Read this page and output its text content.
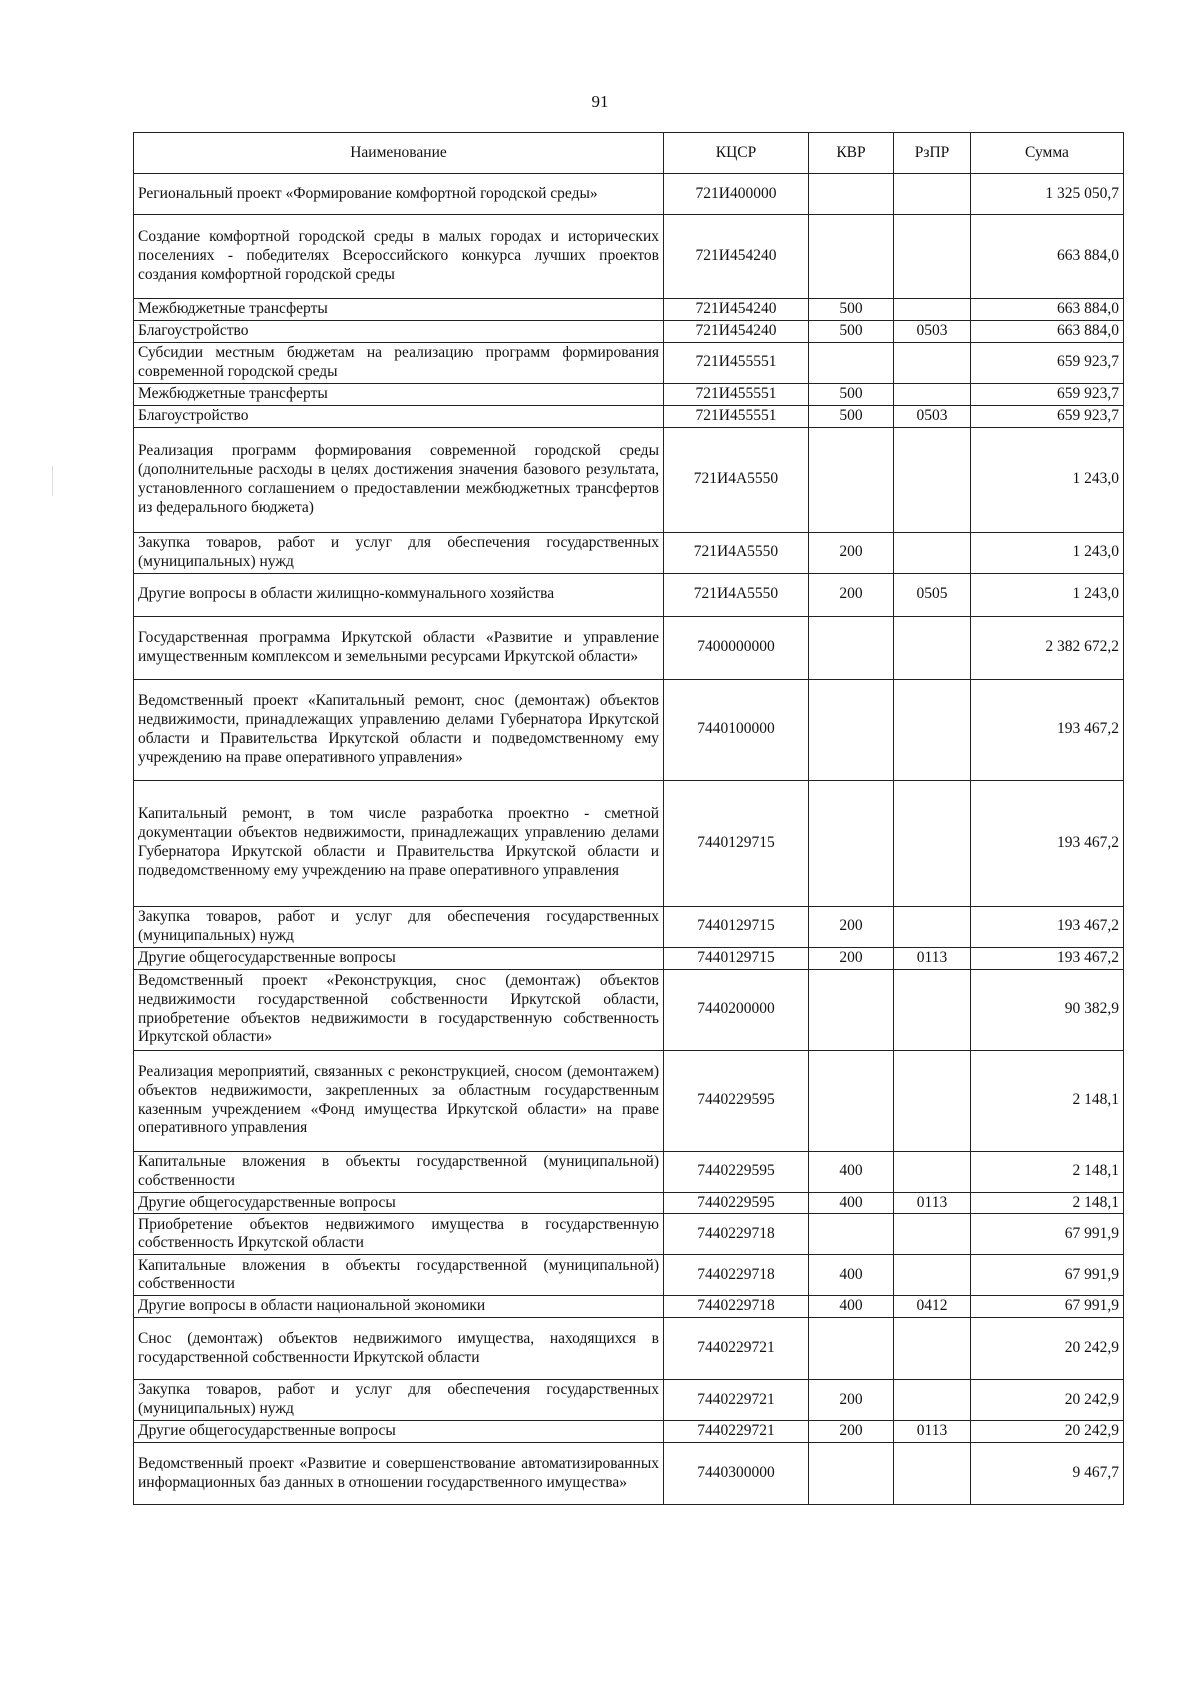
91
Наименование	КЦСР	КВР	РзПР	Сумма
Региональный проект «Формирование комфортной городской среды»	721И400000			1 325 050,7
Создание комфортной городской среды в малых городах и исторических поселениях - победителях Всероссийского конкурса лучших проектов создания комфортной городской среды	721И454240			663 884,0
Межбюджетные трансферты	721И454240	500		663 884,0
Благоустройство	721И454240	500	0503	663 884,0
Субсидии местным бюджетам на реализацию программ формирования современной городской среды	721И455551			659 923,7
Межбюджетные трансферты	721И455551	500		659 923,7
Благоустройство	721И455551	500	0503	659 923,7
Реализация программ формирования современной городской среды (дополнительные расходы в целях достижения значения базового результата, установленного соглашением о предоставлении межбюджетных трансфертов из федерального бюджета)	721И4А5550			1 243,0
Закупка товаров, работ и услуг для обеспечения государственных (муниципальных) нужд	721И4А5550	200		1 243,0
Другие вопросы в области жилищно-коммунального хозяйства	721И4А5550	200	0505	1 243,0
Государственная программа Иркутской области «Развитие и управление имущественным комплексом и земельными ресурсами Иркутской области»	7400000000			2 382 672,2
Ведомственный проект «Капитальный ремонт, снос (демонтаж) объектов недвижимости, принадлежащих управлению делами Губернатора Иркутской области и Правительства Иркутской области и подведомственному ему учреждению на праве оперативного управления»	7440100000			193 467,2
Капитальный ремонт, в том числе разработка проектно - сметной документации объектов недвижимости, принадлежащих управлению делами Губернатора Иркутской области и Правительства Иркутской области и подведомственному ему учреждению на праве оперативного управления	7440129715			193 467,2
Закупка товаров, работ и услуг для обеспечения государственных (муниципальных) нужд	7440129715	200		193 467,2
Другие общегосударственные вопросы	7440129715	200	0113	193 467,2
Ведомственный проект «Реконструкция, снос (демонтаж) объектов недвижимости государственной собственности Иркутской области, приобретение объектов недвижимости в государственную собственность Иркутской области»	7440200000			90 382,9
Реализация мероприятий, связанных с реконструкцией, сносом (демонтажем) объектов недвижимости, закрепленных за областным государственным казенным учреждением «Фонд имущества Иркутской области» на праве оперативного управления	7440229595			2 148,1
Капитальные вложения в объекты государственной (муниципальной) собственности	7440229595	400		2 148,1
Другие общегосударственные вопросы	7440229595	400	0113	2 148,1
Приобретение объектов недвижимого имущества в государственную собственность Иркутской области	7440229718			67 991,9
Капитальные вложения в объекты государственной (муниципальной) собственности	7440229718	400		67 991,9
Другие вопросы в области национальной экономики	7440229718	400	0412	67 991,9
Снос (демонтаж) объектов недвижимого имущества, находящихся в государственной собственности Иркутской области	7440229721			20 242,9
Закупка товаров, работ и услуг для обеспечения государственных (муниципальных) нужд	7440229721	200		20 242,9
Другие общегосударственные вопросы	7440229721	200	0113	20 242,9
Ведомственный проект «Развитие и совершенствование автоматизированных информационных баз данных в отношении государственного имущества»	7440300000			9 467,7
